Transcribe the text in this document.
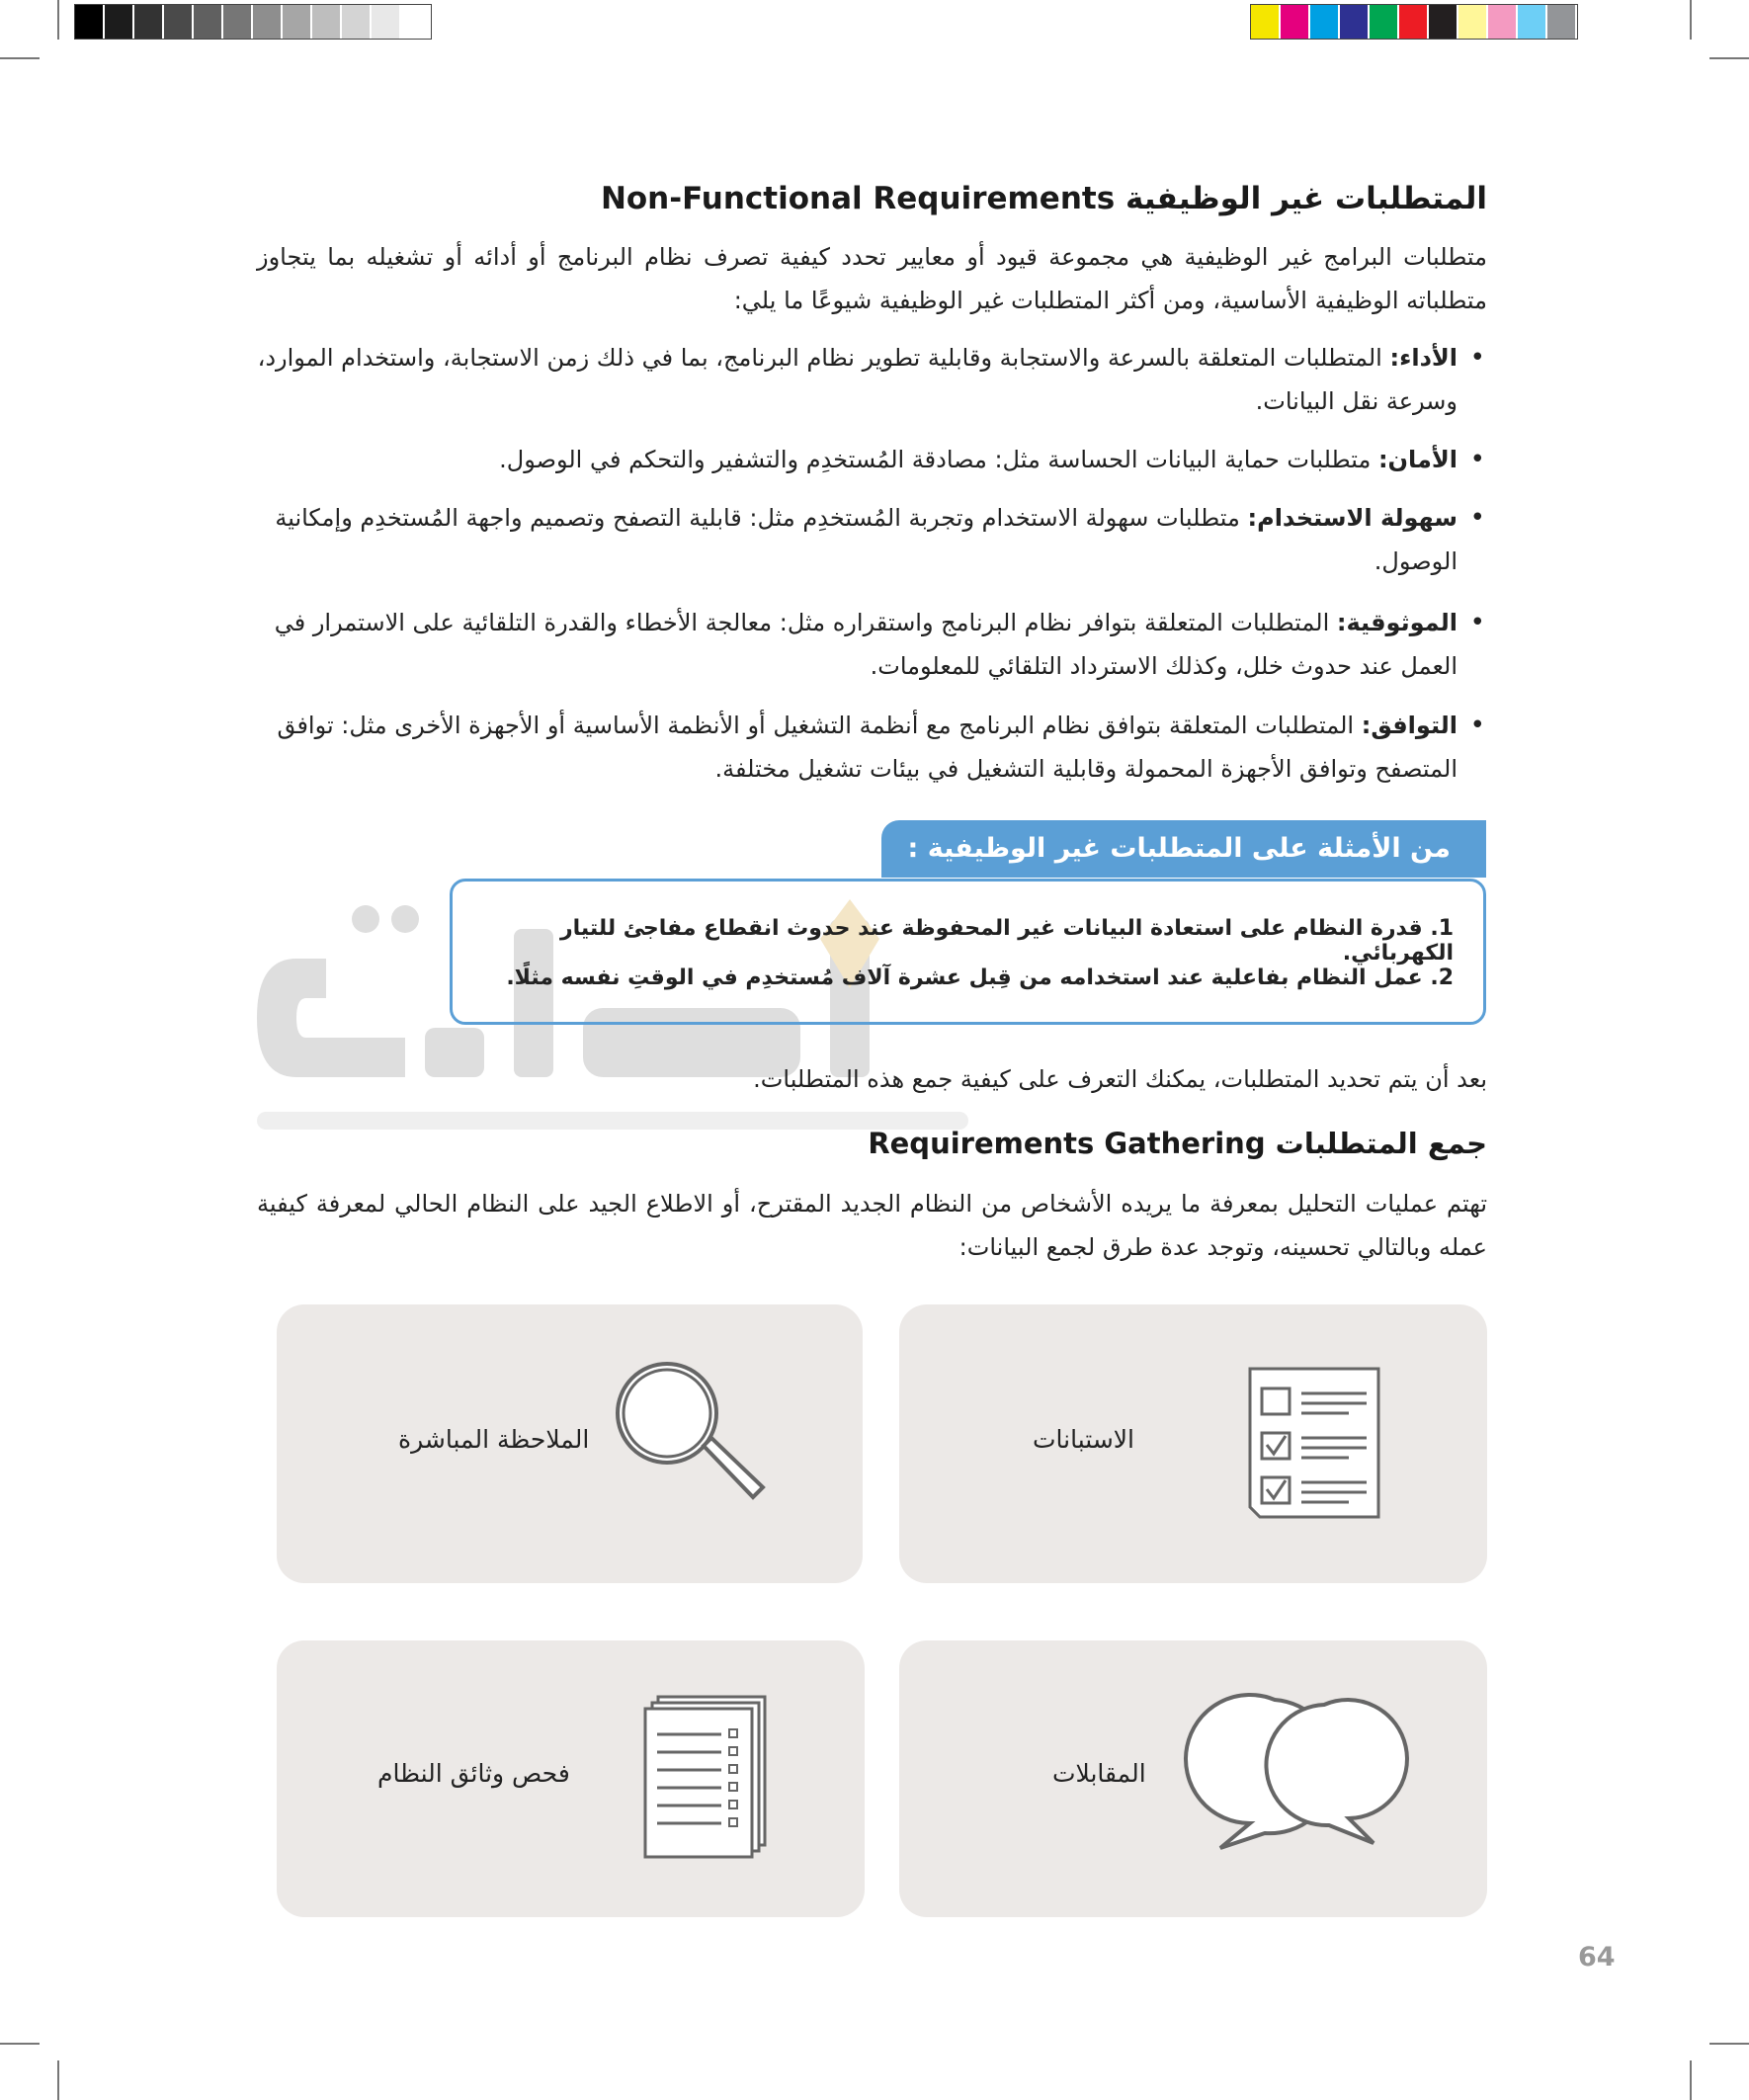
المتطلبات غير الوظيفية Non-Functional Requirements
متطلبات البرامج غير الوظيفية هي مجموعة قيود أو معايير تحدد كيفية تصرف نظام البرنامج أو أدائه أو تشغيله بما يتجاوز متطلباته الوظيفية الأساسية، ومن أكثر المتطلبات غير الوظيفية شيوعًا ما يلي:
• الأداء: المتطلبات المتعلقة بالسرعة والاستجابة وقابلية تطوير نظام البرنامج، بما في ذلك زمن الاستجابة، واستخدام الموارد، وسرعة نقل البيانات.
• الأمان: متطلبات حماية البيانات الحساسة مثل: مصادقة المُستخدِم والتشفير والتحكم في الوصول.
• سهولة الاستخدام: متطلبات سهولة الاستخدام وتجربة المُستخدِم مثل: قابلية التصفح وتصميم واجهة المُستخدِم وإمكانية الوصول.
• الموثوقية: المتطلبات المتعلقة بتوافر نظام البرنامج واستقراره مثل: معالجة الأخطاء والقدرة التلقائية على الاستمرار في العمل عند حدوث خلل، وكذلك الاسترداد التلقائي للمعلومات.
• التوافق: المتطلبات المتعلقة بتوافق نظام البرنامج مع أنظمة التشغيل أو الأنظمة الأساسية أو الأجهزة الأخرى مثل: توافق المتصفح وتوافق الأجهزة المحمولة وقابلية التشغيل في بيئات تشغيل مختلفة.
من الأمثلة على المتطلبات غير الوظيفية :
1. قدرة النظام على استعادة البيانات غير المحفوظة عند حدوث انقطاع مفاجئ للتيار الكهربائي.
2. عمل النظام بفاعلية عند استخدامه من قِبل عشرة آلاف مُستخدِم في الوقتِ نفسه مثلًا.
بعد أن يتم تحديد المتطلبات، يمكنك التعرف على كيفية جمع هذه المتطلبات.
جمع المتطلبات Requirements Gathering
تهتم عمليات التحليل بمعرفة ما يريده الأشخاص من النظام الجديد المقترح، أو الاطلاع الجيد على النظام الحالي لمعرفة كيفية عمله وبالتالي تحسينه، وتوجد عدة طرق لجمع البيانات:
الاستبانات
الملاحظة المباشرة
المقابلات
فحص وثائق النظام
64
